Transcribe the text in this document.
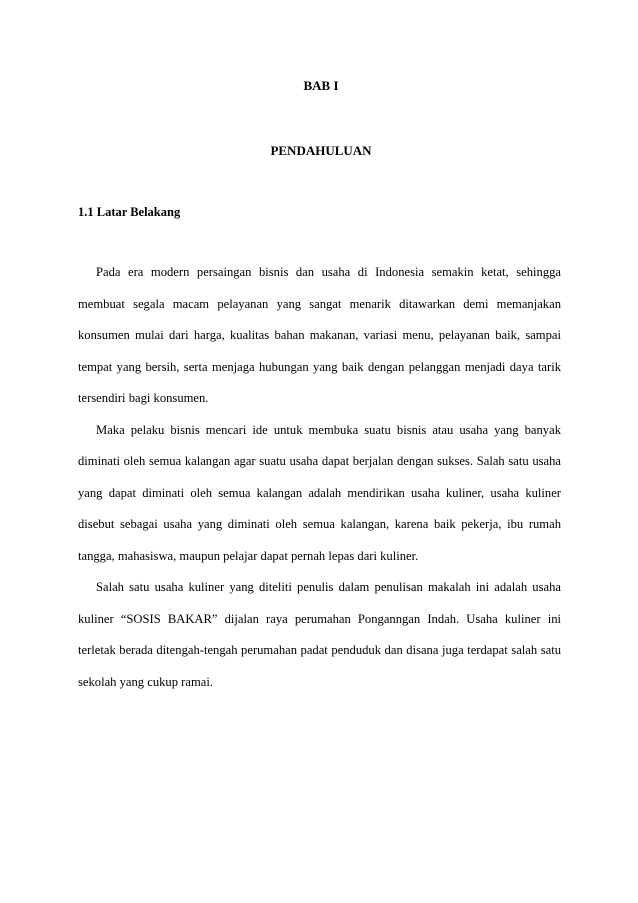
BAB I
PENDAHULUAN
1.1 Latar Belakang

Pada era modern persaingan bisnis dan usaha di Indonesia semakin ketat, sehingga membuat segala macam pelayanan yang sangat menarik ditawarkan demi memanjakan konsumen mulai dari harga, kualitas bahan makanan, variasi menu, pelayanan baik, sampai tempat yang bersih, serta menjaga hubungan yang baik dengan pelanggan menjadi daya tarik tersendiri bagi konsumen.

Maka pelaku bisnis mencari ide untuk membuka suatu bisnis atau usaha yang banyak diminati oleh semua kalangan agar suatu usaha dapat berjalan dengan sukses. Salah satu usaha yang dapat diminati oleh semua kalangan adalah mendirikan usaha kuliner, usaha kuliner disebut sebagai usaha yang diminati oleh semua kalangan, karena baik pekerja, ibu rumah tangga, mahasiswa, maupun pelajar dapat pernah lepas dari kuliner.

Salah satu usaha kuliner yang diteliti penulis dalam penulisan makalah ini adalah usaha kuliner “SOSIS BAKAR” dijalan raya perumahan Ponganngan Indah. Usaha kuliner ini terletak berada ditengah-tengah perumahan padat penduduk dan disana juga terdapat salah satu sekolah yang cukup ramai.
